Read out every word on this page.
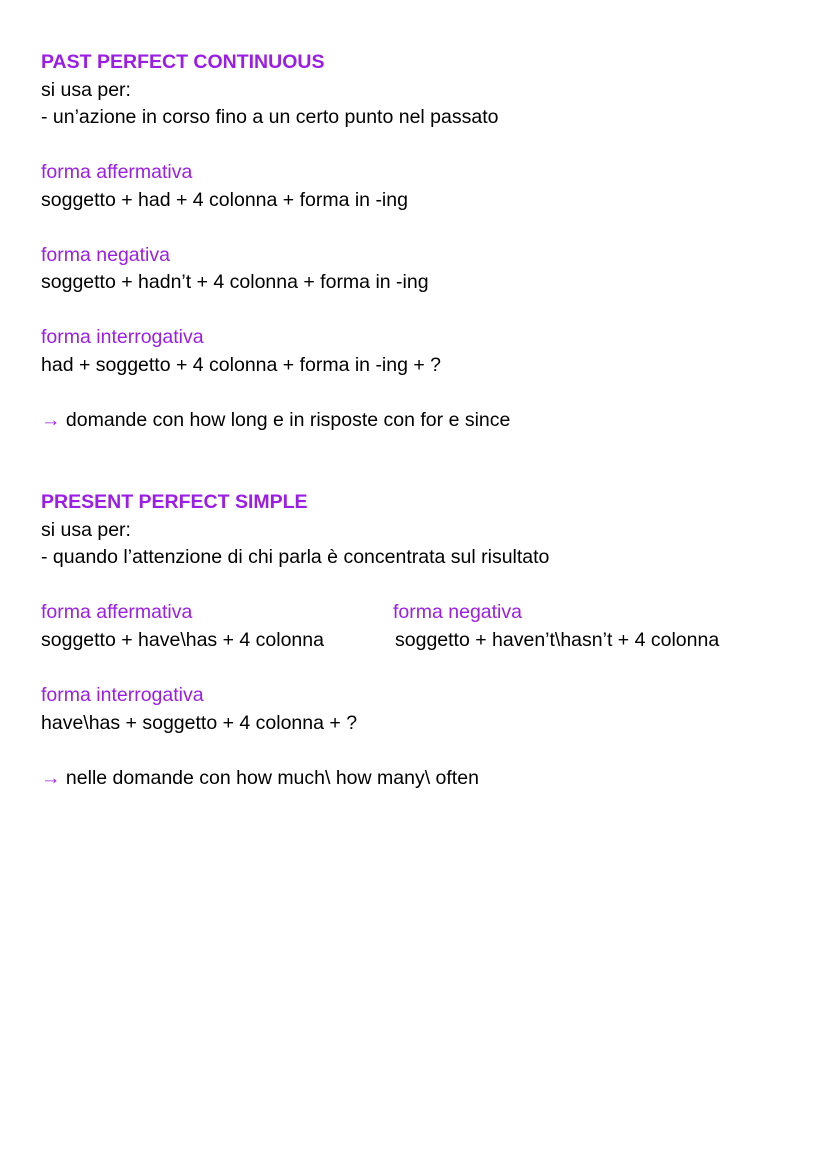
PAST PERFECT CONTINUOUS
si usa per:
- un’azione in corso fino a un certo punto nel passato
forma affermativa
soggetto + had + 4 colonna + forma in -ing
forma negativa
soggetto + hadn’t + 4 colonna + forma in -ing
forma interrogativa
had + soggetto + 4 colonna + forma in -ing + ?
→ domande con how long e in risposte con for e since
PRESENT PERFECT SIMPLE
si usa per:
- quando l’attenzione di chi parla è concentrata sul risultato
forma affermativa
soggetto + have\has + 4 colonna
forma negativa
soggetto + haven’t\hasn’t + 4 colonna
forma interrogativa
have\has + soggetto + 4 colonna + ?
→ nelle domande con how much\ how many\ often
